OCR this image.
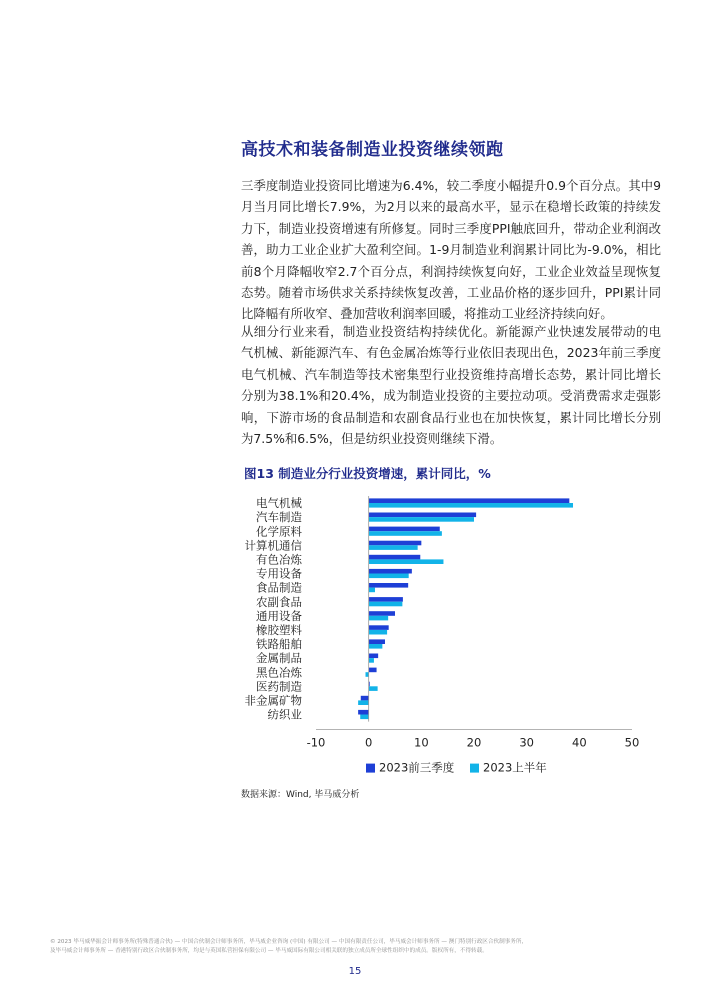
高技术和装备制造业投资继续领跑
三季度制造业投资同比增速为6.4%，较二季度小幅提升0.9个百分点。其中9月当月同比增长7.9%，为2月以来的最高水平，显示在稳增长政策的持续发力下，制造业投资增速有所修复。同时三季度PPI触底回升，带动企业利润改善，助力工业企业扩大盈利空间。1-9月制造业利润累计同比为-9.0%，相比前8个月降幅收窄2.7个百分点，利润持续恢复向好，工业企业效益呈现恢复态势。随着市场供求关系持续恢复改善，工业品价格的逐步回升，PPI累计同比降幅有所收窄、叠加营收利润率回暖，将推动工业经济持续向好。
从细分行业来看，制造业投资结构持续优化。新能源产业快速发展带动的电气机械、新能源汽车、有色金属冶炼等行业依旧表现出色，2023年前三季度电气机械、汽车制造等技术密集型行业投资维持高增长态势，累计同比增长分别为38.1%和20.4%，成为制造业投资的主要拉动项。受消费需求走强影响，下游市场的食品制造和农副食品行业也在加快恢复，累计同比增长分别为7.5%和6.5%，但是纺织业投资则继续下滑。
图13 制造业分行业投资增速，累计同比，%
电气机械
汽车制造
化学原料
计算机通信
有色冶炼
专用设备
食品制造
农副食品
通用设备
橡胶塑料
铁路船舶
金属制品
黑色冶炼
医药制造
非金属矿物
纺织业
-10	0	10	20	30	40	50
2023前三季度 2023上半年
数据来源：Wind, 毕马威分析
© 2023 毕马威华振会计师事务所(特殊普通合伙) — 中国合伙制会计师事务所，毕马威企业咨询 (中国) 有限公司 — 中国有限责任公司，毕马威会计师事务所 — 澳门特别行政区合伙制事务所，
及毕马威会计师事务所 — 香港特别行政区合伙制事务所，均是与英国私营担保有限公司 — 毕马威国际有限公司相关联的独立成员所全球性组织中的成员。版权所有，不得转载。
15
